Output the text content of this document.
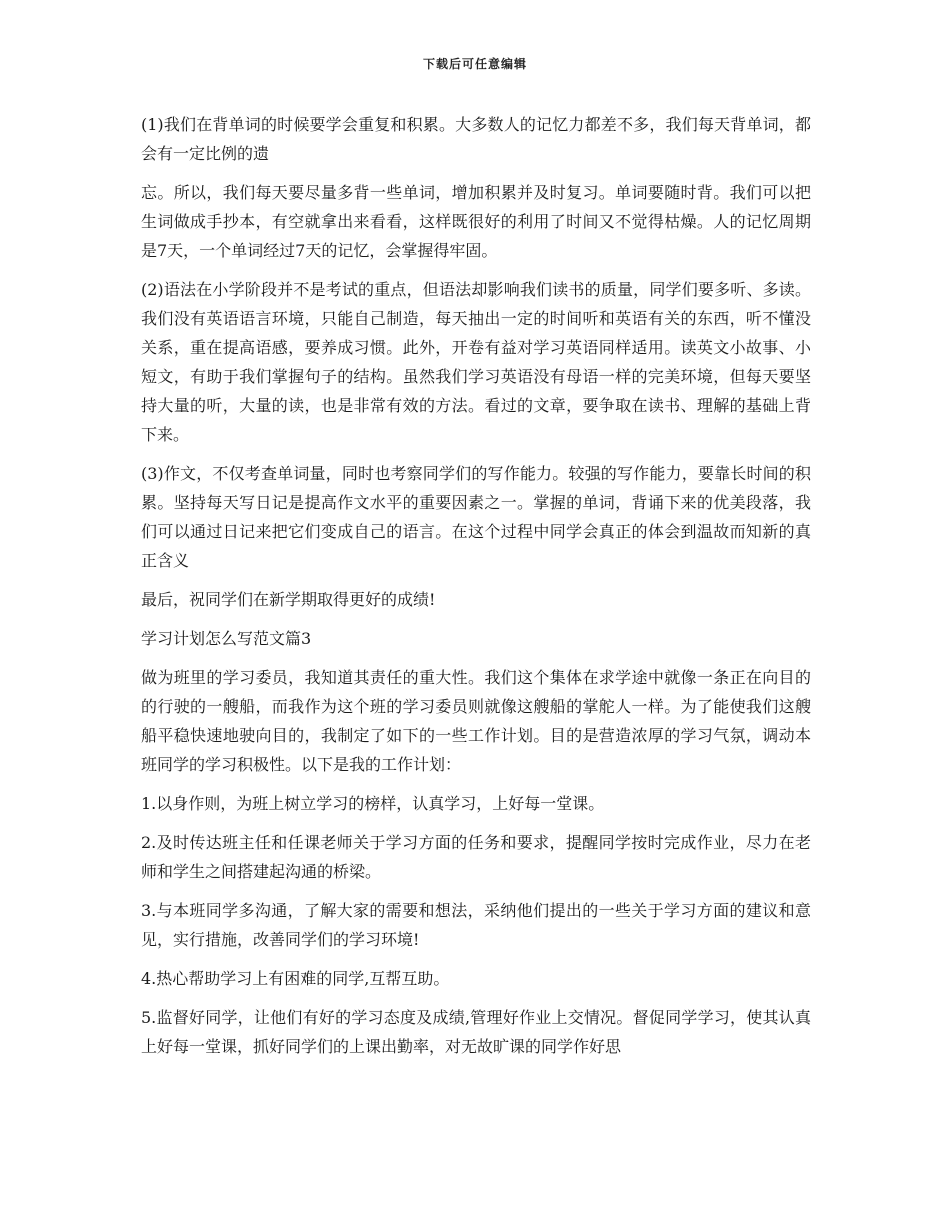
下载后可任意编辑

(1)我们在背单词的时候要学会重复和积累。大多数人的记忆力都差不多，我们每天背单词，都会有一定比例的遗

忘。所以，我们每天要尽量多背一些单词，增加积累并及时复习。单词要随时背。我们可以把生词做成手抄本，有空就拿出来看看，这样既很好的利用了时间又不觉得枯燥。人的记忆周期是7天，一个单词经过7天的记忆，会掌握得牢固。

(2)语法在小学阶段并不是考试的重点，但语法却影响我们读书的质量，同学们要多听、多读。我们没有英语语言环境，只能自己制造，每天抽出一定的时间听和英语有关的东西，听不懂没关系，重在提高语感，要养成习惯。此外，开卷有益对学习英语同样适用。读英文小故事、小短文，有助于我们掌握句子的结构。虽然我们学习英语没有母语一样的完美环境，但每天要坚持大量的听，大量的读，也是非常有效的方法。看过的文章，要争取在读书、理解的基础上背下来。

(3)作文，不仅考查单词量，同时也考察同学们的写作能力。较强的写作能力，要靠长时间的积累。坚持每天写日记是提高作文水平的重要因素之一。掌握的单词，背诵下来的优美段落，我们可以通过日记来把它们变成自己的语言。在这个过程中同学会真正的体会到温故而知新的真正含义

最后，祝同学们在新学期取得更好的成绩!

学习计划怎么写范文篇3

做为班里的学习委员，我知道其责任的重大性。我们这个集体在求学途中就像一条正在向目的的行驶的一艘船，而我作为这个班的学习委员则就像这艘船的掌舵人一样。为了能使我们这艘船平稳快速地驶向目的，我制定了如下的一些工作计划。目的是营造浓厚的学习气氛，调动本班同学的学习积极性。以下是我的工作计划：

1.以身作则，为班上树立学习的榜样，认真学习，上好每一堂课。

2.及时传达班主任和任课老师关于学习方面的任务和要求，提醒同学按时完成作业，尽力在老师和学生之间搭建起沟通的桥梁。

3.与本班同学多沟通，了解大家的需要和想法，采纳他们提出的一些关于学习方面的建议和意见，实行措施，改善同学们的学习环境!

4.热心帮助学习上有困难的同学,互帮互助。

5.监督好同学，让他们有好的学习态度及成绩,管理好作业上交情况。督促同学学习，使其认真上好每一堂课，抓好同学们的上课出勤率，对无故旷课的同学作好思
